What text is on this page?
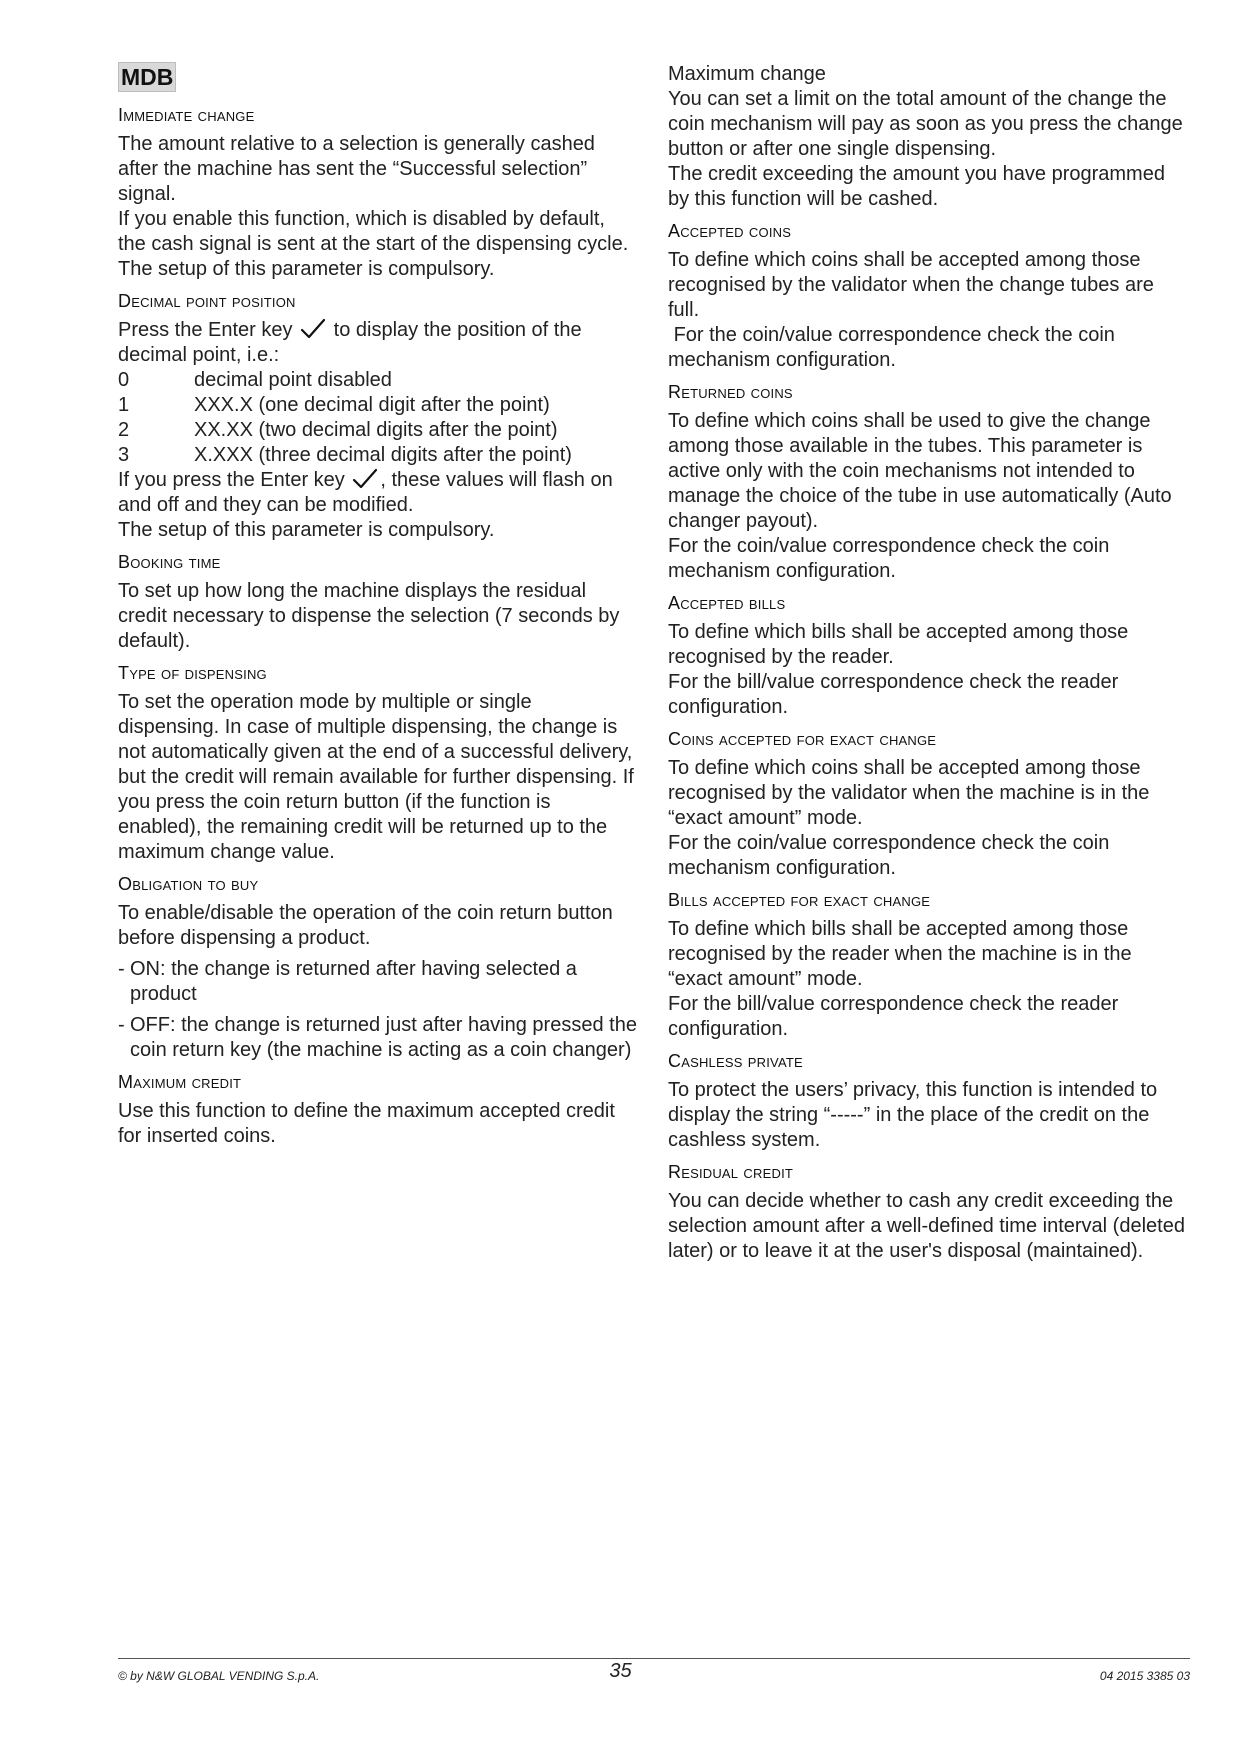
MDB
Immediate change

The amount relative to a selection is generally cashed after the machine has sent the “Successful selection” signal.

If you enable this function, which is disabled by default, the cash signal is sent at the start of the dispensing cycle.

The setup of this parameter is compulsory.

Decimal point position

Press the Enter key to display the position of the decimal point, i.e.:

0	decimal point disabled
1	XXX.X (one decimal digit after the point)
2	XX.XX (two decimal digits after the point)
3	X.XXX (three decimal digits after the point)

If you press the Enter key , these values will flash on and off and they can be modified.

The setup of this parameter is compulsory.

Booking time

To set up how long the machine displays the residual credit necessary to dispense the selection (7 seconds by default).

Type of dispensing

To set the operation mode by multiple or single dispensing. In case of multiple dispensing, the change is not automatically given at the end of a successful delivery, but the credit will remain available for further dispensing. If you press the coin return button (if the function is enabled), the remaining credit will be returned up to the maximum change value.

Obligation to buy

To enable/disable the operation of the coin return button before dispensing a product.

- ON: the change is returned after having selected a product
- OFF: the change is returned just after having pressed the coin return key (the machine is acting as a coin changer)
Maximum credit

Use this function to define the maximum accepted credit for inserted coins.

Maximum change

You can set a limit on the total amount of the change the coin mechanism will pay as soon as you press the change button or after one single dispensing.

The credit exceeding the amount you have programmed by this function will be cashed.

Accepted coins

To define which coins shall be accepted among those recognised by the validator when the change tubes are full.

For the coin/value correspondence check the coin mechanism configuration.

Returned coins

To define which coins shall be used to give the change among those available in the tubes. This parameter is active only with the coin mechanisms not intended to manage the choice of the tube in use automatically (Auto changer payout).

For the coin/value correspondence check the coin mechanism configuration.

Accepted bills

To define which bills shall be accepted among those recognised by the reader.

For the bill/value correspondence check the reader configuration.

Coins accepted for exact change

To define which coins shall be accepted among those recognised by the validator when the machine is in the “exact amount” mode.

For the coin/value correspondence check the coin mechanism configuration.

Bills accepted for exact change

To define which bills shall be accepted among those recognised by the reader when the machine is in the “exact amount” mode.

For the bill/value correspondence check the reader configuration.

Cashless private

To protect the users’ privacy, this function is intended to display the string “-----” in the place of the credit on the cashless system.

Residual credit

You can decide whether to cash any credit exceeding the selection amount after a well-defined time interval (deleted later) or to leave it at the user's disposal (maintained).

© by N&W GLOBAL VENDING S.p.A.	35	04 2015 3385 03
